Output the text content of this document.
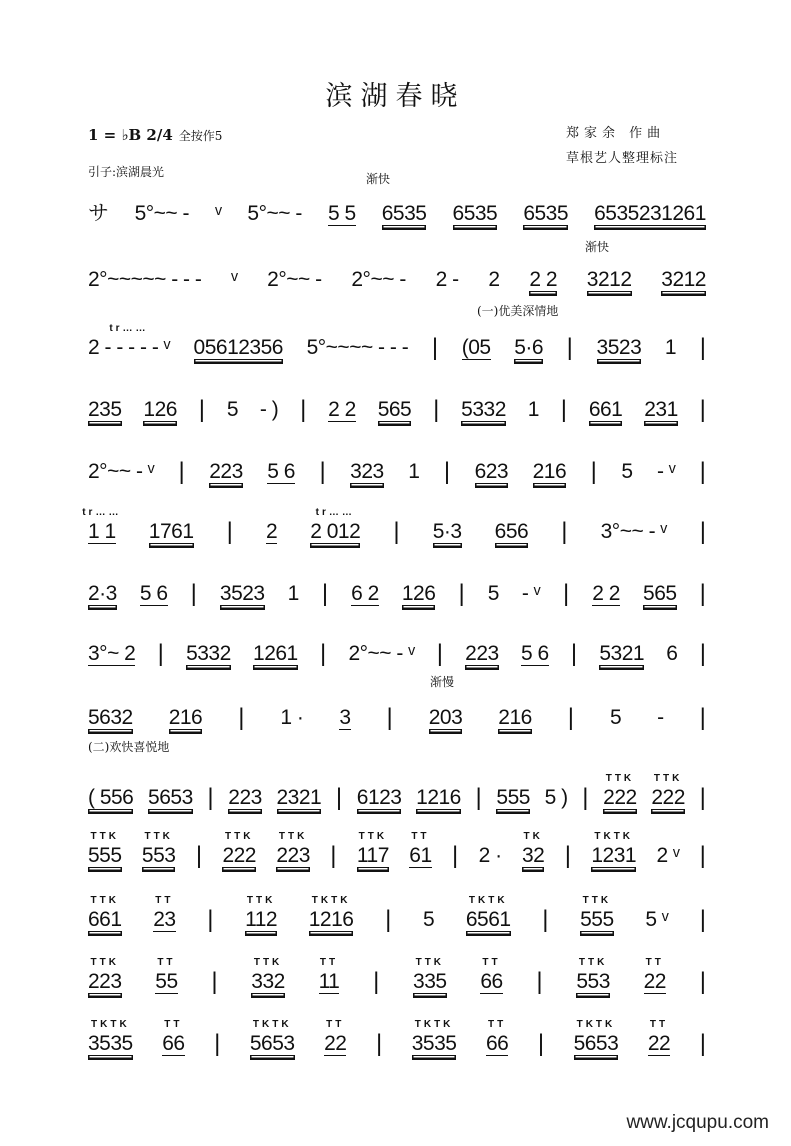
滨湖春晓
1 = ♭B 2/4 全按作5	郑家余 作曲
草根艺人整理标注
引子:滨湖晨光	渐快
渐快
(一)优美深情地
渐慢
(二)欢快喜悦地
サ 5°~~ - ᵛ 5°~~ - 5 5 6535 6535 6535 6535231261
2°~~~~~ - - - ᵛ 2°~~ - 2°~~ - 2 - 2 2 2 3212 3212
tr……
2 - - - - - ᵛ 05612356 5°~~~~ - - - | (05 5·6 | 3523 1 |
235 126 | 5 - ) | 2 2 565 | 5332 1 | 661 231 |
2°~~ - ᵛ | 223 5 6 | 323 1 | 623 216 | 5 - ᵛ |
tr……
1 1 1761 | 2
tr……
2 012 | 5·3 656 | 3°~~ - ᵛ |
2·3 5 6 | 3523 1 | 6 2 126 | 5 - ᵛ | 2 2 565 |
3°~ 2 | 5332 1261 | 2°~~ - ᵛ | 223 5 6 | 5321 6 |
5632 216 | 1 · 3 | 203 216 | 5 - |
( 556 5653 | 223 2321 | 6123 1216 | 555 5 ) |
TTK
222
TTK
222 |
TTK
555
TTK
553 |
TTK
222
TTK
223 |
TTK
117
TT
61 | 2 ·
TK
32 |
TKTK
1231 2 ᵛ |
TTK
661
TT
23 |
TTK
112
TKTK
1216 | 5
TKTK
6561 |
TTK
555 5 ᵛ |
TTK
223
TT
55 |
TTK
332
TT
11 |
TTK
335
TT
66 |
TTK
553
TT
22 |
TKTK
3535
TT
66 |
TKTK
5653
TT
22 |
TKTK
3535
TT
66 |
TKTK
5653
TT
22 |
www.jcqupu.com
